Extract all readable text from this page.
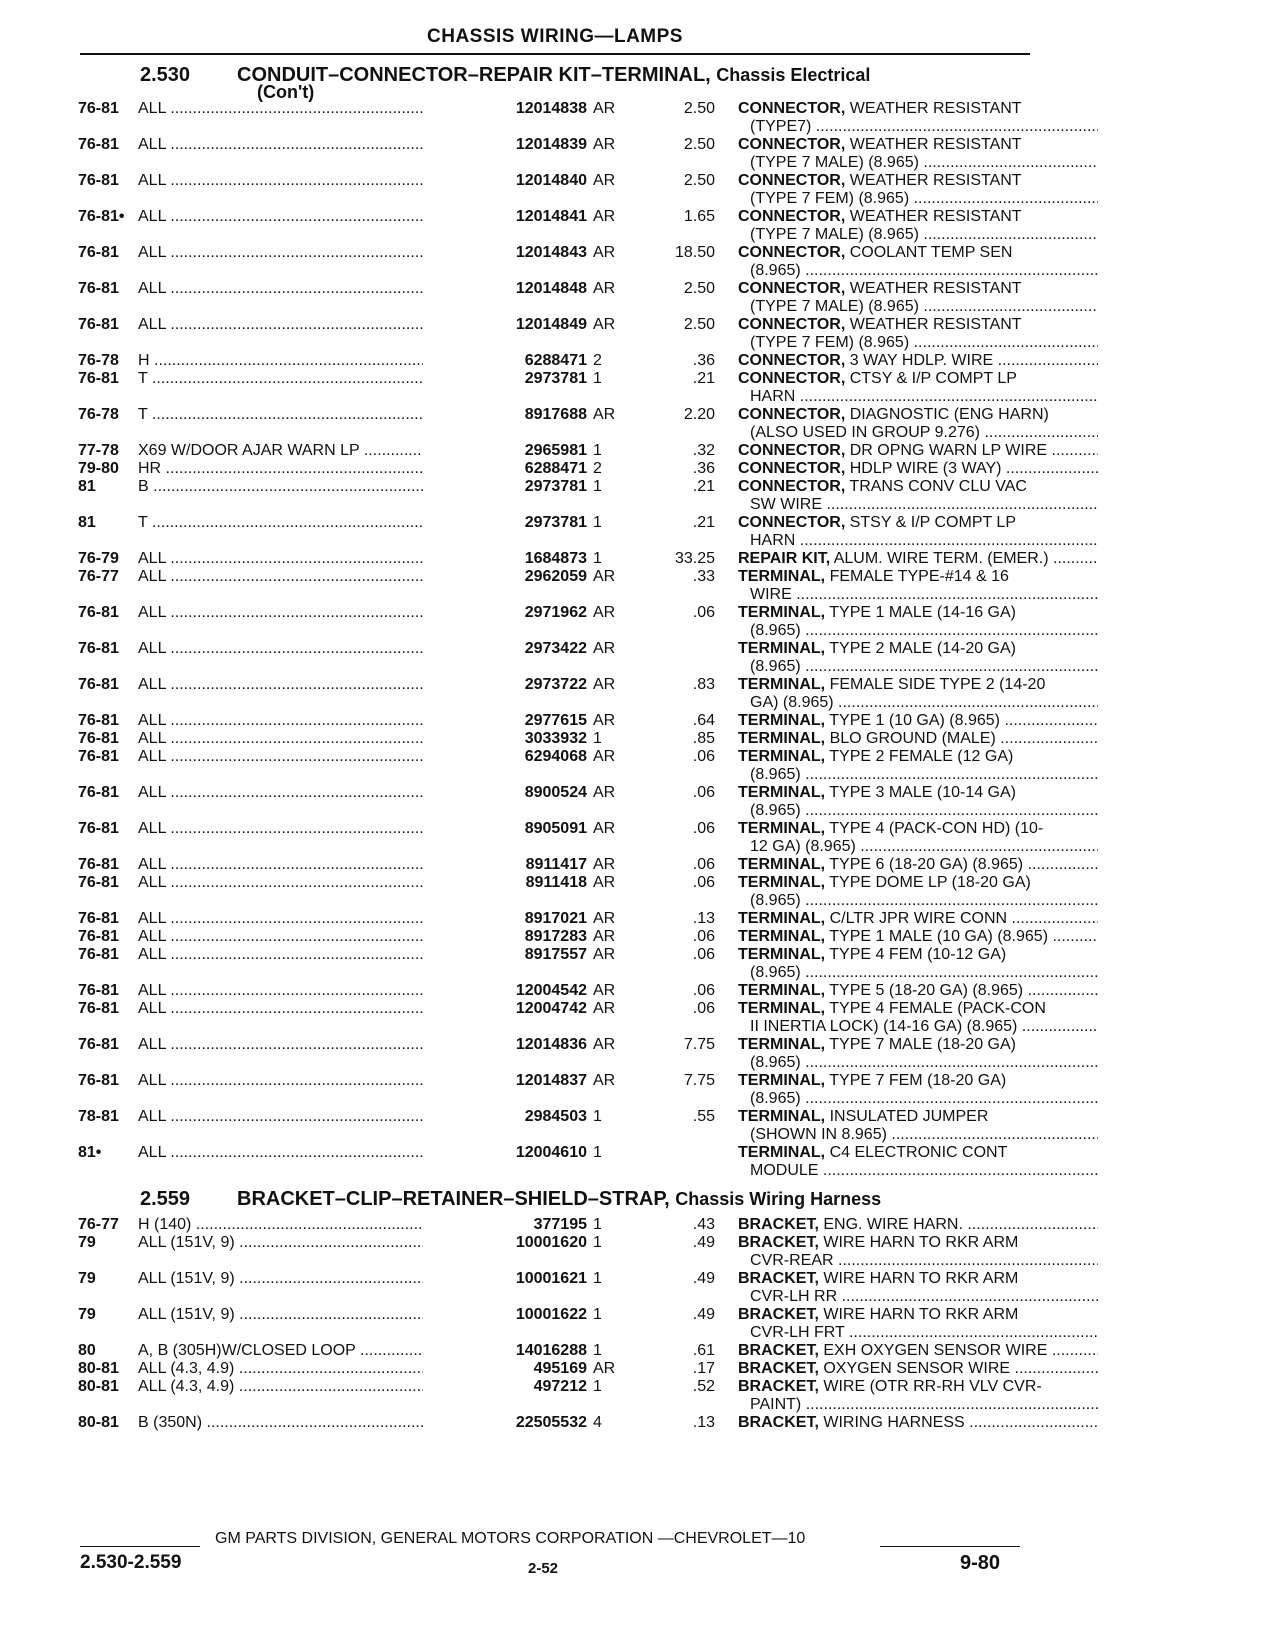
CHASSIS WIRING—LAMPS
2.530 CONDUIT–CONNECTOR–REPAIR KIT–TERMINAL, Chassis Electrical
(Con't)
76-81 ALL .....	12014838 AR	2.50 CONNECTOR, WEATHER RESISTANT
(TYPE7) .....
76-81 ALL .....	12014839 AR	2.50 CONNECTOR, WEATHER RESISTANT
(TYPE 7 MALE) (8.965) .....
76-81 ALL .....	12014840 AR	2.50 CONNECTOR, WEATHER RESISTANT
(TYPE 7 FEM) (8.965) .....
76-81• ALL .....	12014841 AR	1.65 CONNECTOR, WEATHER RESISTANT
(TYPE 7 MALE) (8.965) .....
76-81 ALL .....	12014843 AR	18.50 CONNECTOR, COOLANT TEMP SEN
(8.965) .....
76-81 ALL .....	12014848 AR	2.50 CONNECTOR, WEATHER RESISTANT
(TYPE 7 MALE) (8.965) .....
76-81 ALL .....	12014849 AR	2.50 CONNECTOR, WEATHER RESISTANT
(TYPE 7 FEM) (8.965) .....
76-78 H .....	6288471 2	.36 CONNECTOR, 3 WAY HDLP. WIRE .....
76-81 T .....	2973781 1	.21 CONNECTOR, CTSY & I/P COMPT LP
HARN .....
76-78 T .....	8917688 AR	2.20 CONNECTOR, DIAGNOSTIC (ENG HARN)
(ALSO USED IN GROUP 9.276) .....
77-78 X69 W/DOOR AJAR WARN LP .....	2965981 1	.32 CONNECTOR, DR OPNG WARN LP WIRE .....
79-80 HR .....	6288471 2	.36 CONNECTOR, HDLP WIRE (3 WAY) .....
81	B .....	2973781 1	.21 CONNECTOR, TRANS CONV CLU VAC
SW WIRE .....
81	T .....	2973781 1	.21 CONNECTOR, STSY & I/P COMPT LP
HARN .....
76-79 ALL .....	1684873 1	33.25 REPAIR KIT, ALUM. WIRE TERM. (EMER.) .....
76-77 ALL .....	2962059 AR	.33 TERMINAL, FEMALE TYPE-#14 & 16
WIRE .....
76-81 ALL .....	2971962 AR	.06 TERMINAL, TYPE 1 MALE (14-16 GA)
(8.965) .....
76-81 ALL .....	2973422 AR	TERMINAL, TYPE 2 MALE (14-20 GA)
(8.965) .....
76-81 ALL .....	2973722 AR	.83 TERMINAL, FEMALE SIDE TYPE 2 (14-20
GA) (8.965) .....
76-81 ALL .....	2977615 AR	.64 TERMINAL, TYPE 1 (10 GA) (8.965) .....
76-81 ALL .....	3033932 1	.85 TERMINAL, BLO GROUND (MALE) .....
76-81 ALL .....	6294068 AR	.06 TERMINAL, TYPE 2 FEMALE (12 GA)
(8.965) .....
76-81 ALL .....	8900524 AR	.06 TERMINAL, TYPE 3 MALE (10-14 GA)
(8.965) .....
76-81 ALL .....	8905091 AR	.06 TERMINAL, TYPE 4 (PACK-CON HD) (10-
12 GA) (8.965) .....
76-81 ALL .....	8911417 AR	.06 TERMINAL, TYPE 6 (18-20 GA) (8.965) .....
76-81 ALL .....	8911418 AR	.06 TERMINAL, TYPE DOME LP (18-20 GA)
(8.965) .....
76-81 ALL .....	8917021 AR	.13 TERMINAL, C/LTR JPR WIRE CONN .....
76-81 ALL .....	8917283 AR	.06 TERMINAL, TYPE 1 MALE (10 GA) (8.965) .....
76-81 ALL .....	8917557 AR	.06 TERMINAL, TYPE 4 FEM (10-12 GA)
(8.965) .....
76-81 ALL .....	12004542 AR	.06 TERMINAL, TYPE 5 (18-20 GA) (8.965) .....
76-81 ALL .....	12004742 AR	.06 TERMINAL, TYPE 4 FEMALE (PACK-CON
II INERTIA LOCK) (14-16 GA) (8.965) .....
76-81 ALL .....	12014836 AR	7.75 TERMINAL, TYPE 7 MALE (18-20 GA)
(8.965) .....
76-81 ALL .....	12014837 AR	7.75 TERMINAL, TYPE 7 FEM (18-20 GA)
(8.965) .....
78-81 ALL .....	2984503 1	.55 TERMINAL, INSULATED JUMPER
(SHOWN IN 8.965) .....
81• ALL .....	12004610 1	TERMINAL, C4 ELECTRONIC CONT
MODULE .....
2.559 BRACKET–CLIP–RETAINER–SHIELD–STRAP, Chassis Wiring Harness
76-77 H (140) .....	377195 1	.43 BRACKET, ENG. WIRE HARN. .....
79	ALL (151V, 9) .....	10001620 1	.49 BRACKET, WIRE HARN TO RKR ARM
CVR-REAR .....
79	ALL (151V, 9) .....	10001621 1	.49 BRACKET, WIRE HARN TO RKR ARM
CVR-LH RR .....
79	ALL (151V, 9) .....	10001622 1	.49 BRACKET, WIRE HARN TO RKR ARM
CVR-LH FRT .....
80	A, B (305H)W/CLOSED LOOP .....	14016288 1	.61 BRACKET, EXH OXYGEN SENSOR WIRE .....
80-81 ALL (4.3, 4.9) .....	495169 AR	.17 BRACKET, OXYGEN SENSOR WIRE .....
80-81 ALL (4.3, 4.9) .....	497212 1	.52 BRACKET, WIRE (OTR RR-RH VLV CVR-
PAINT) .....
80-81 B (350N) .....	22505532 4	.13 BRACKET, WIRING HARNESS .....
GM PARTS DIVISION, GENERAL MOTORS CORPORATION —CHEVROLET—10
2.530-2.559	2-52	9-80
